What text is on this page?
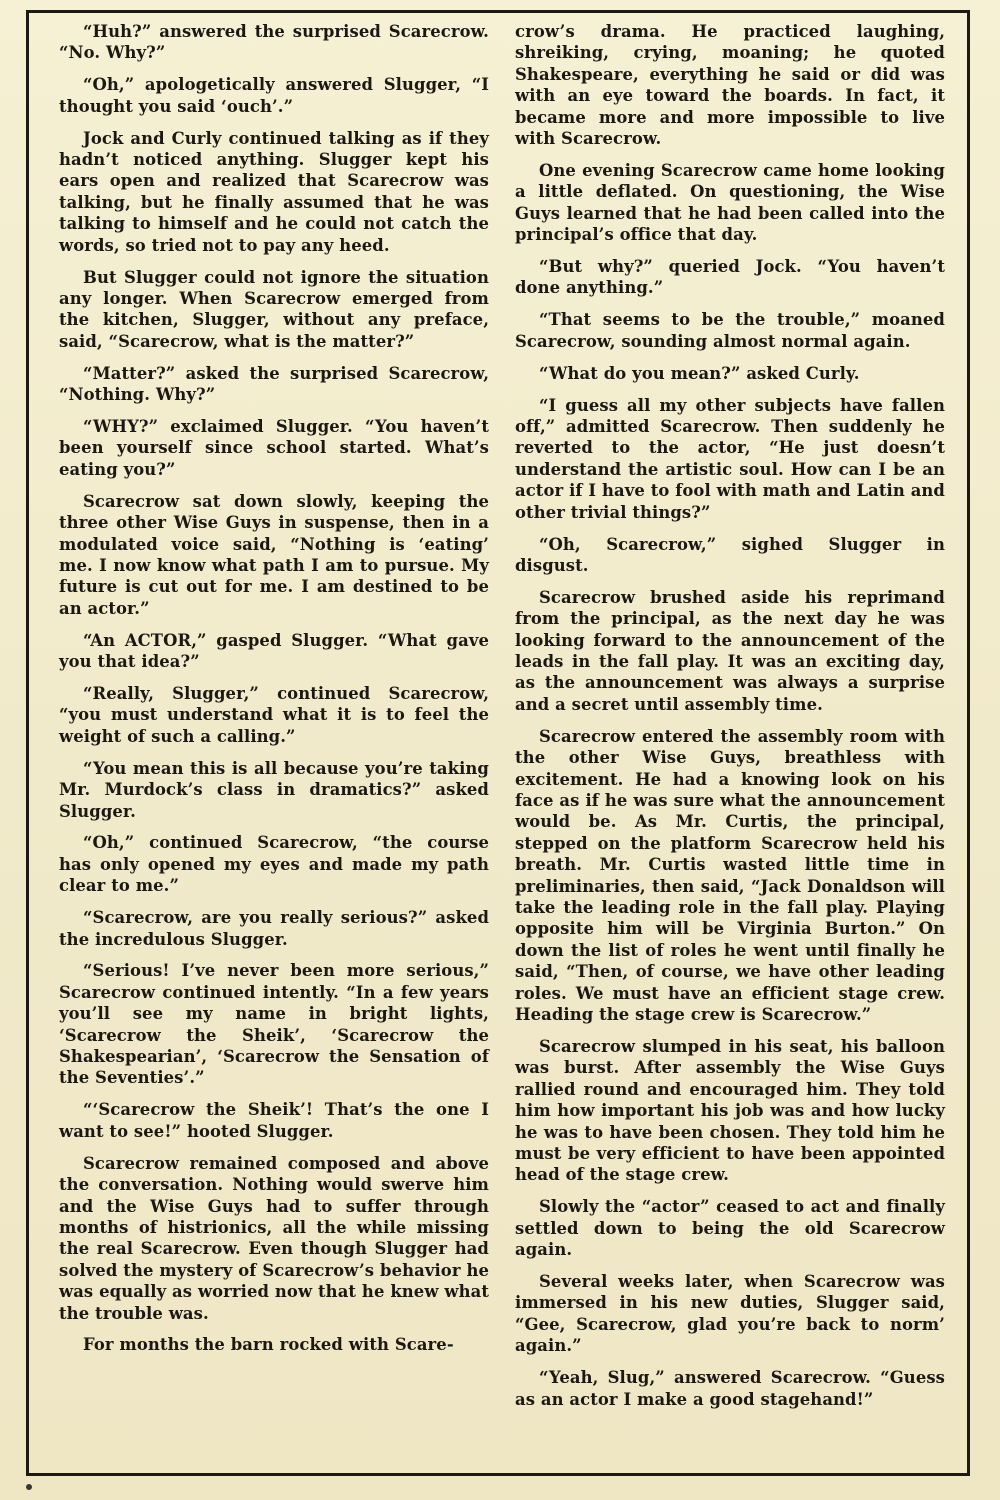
“Huh?” answered the surprised Scarecrow. “No. Why?”

“Oh,” apologetically answered Slugger, “I thought you said ‘ouch’.”

Jock and Curly continued talking as if they hadn’t noticed anything. Slugger kept his ears open and realized that Scarecrow was talking, but he finally assumed that he was talking to himself and he could not catch the words, so tried not to pay any heed.

But Slugger could not ignore the situation any longer. When Scarecrow emerged from the kitchen, Slugger, without any preface, said, “Scarecrow, what is the matter?”

“Matter?” asked the surprised Scarecrow, “Nothing. Why?”

“WHY?” exclaimed Slugger. “You haven’t been yourself since school started. What’s eating you?”

Scarecrow sat down slowly, keeping the three other Wise Guys in suspense, then in a modulated voice said, “Nothing is ‘eating’ me. I now know what path I am to pursue. My future is cut out for me. I am destined to be an actor.”

“An ACTOR,” gasped Slugger. “What gave you that idea?”

“Really, Slugger,” continued Scarecrow, “you must understand what it is to feel the weight of such a calling.”

“You mean this is all because you’re taking Mr. Murdock’s class in dramatics?” asked Slugger.

“Oh,” continued Scarecrow, “the course has only opened my eyes and made my path clear to me.”

“Scarecrow, are you really serious?” asked the incredulous Slugger.

“Serious! I’ve never been more serious,” Scarecrow continued intently. “In a few years you’ll see my name in bright lights, ‘Scarecrow the Sheik’, ‘Scarecrow the Shakespearian’, ‘Scarecrow the Sensation of the Seventies’.”

“‘Scarecrow the Sheik’! That’s the one I want to see!” hooted Slugger.

Scarecrow remained composed and above the conversation. Nothing would swerve him and the Wise Guys had to suffer through months of histrionics, all the while missing the real Scarecrow. Even though Slugger had solved the mystery of Scarecrow’s behavior he was equally as worried now that he knew what the trouble was.

For months the barn rocked with Scare-

crow’s drama. He practiced laughing, shreiking, crying, moaning; he quoted Shakespeare, everything he said or did was with an eye toward the boards. In fact, it became more and more impossible to live with Scarecrow.

One evening Scarecrow came home looking a little deflated. On questioning, the Wise Guys learned that he had been called into the principal’s office that day.

“But why?” queried Jock. “You haven’t done anything.”

“That seems to be the trouble,” moaned Scarecrow, sounding almost normal again.

“What do you mean?” asked Curly.

“I guess all my other subjects have fallen off,” admitted Scarecrow. Then suddenly he reverted to the actor, “He just doesn’t understand the artistic soul. How can I be an actor if I have to fool with math and Latin and other trivial things?”

“Oh, Scarecrow,” sighed Slugger in disgust.

Scarecrow brushed aside his reprimand from the principal, as the next day he was looking forward to the announcement of the leads in the fall play. It was an exciting day, as the announcement was always a surprise and a secret until assembly time.

Scarecrow entered the assembly room with the other Wise Guys, breathless with excitement. He had a knowing look on his face as if he was sure what the announcement would be. As Mr. Curtis, the principal, stepped on the platform Scarecrow held his breath. Mr. Curtis wasted little time in preliminaries, then said, “Jack Donaldson will take the leading role in the fall play. Playing opposite him will be Virginia Burton.” On down the list of roles he went until finally he said, “Then, of course, we have other leading roles. We must have an efficient stage crew. Heading the stage crew is Scarecrow.”

Scarecrow slumped in his seat, his balloon was burst. After assembly the Wise Guys rallied round and encouraged him. They told him how important his job was and how lucky he was to have been chosen. They told him he must be very efficient to have been appointed head of the stage crew.

Slowly the “actor” ceased to act and finally settled down to being the old Scarecrow again.

Several weeks later, when Scarecrow was immersed in his new duties, Slugger said, “Gee, Scarecrow, glad you’re back to norm’ again.”

“Yeah, Slug,” answered Scarecrow. “Guess as an actor I make a good stagehand!”
